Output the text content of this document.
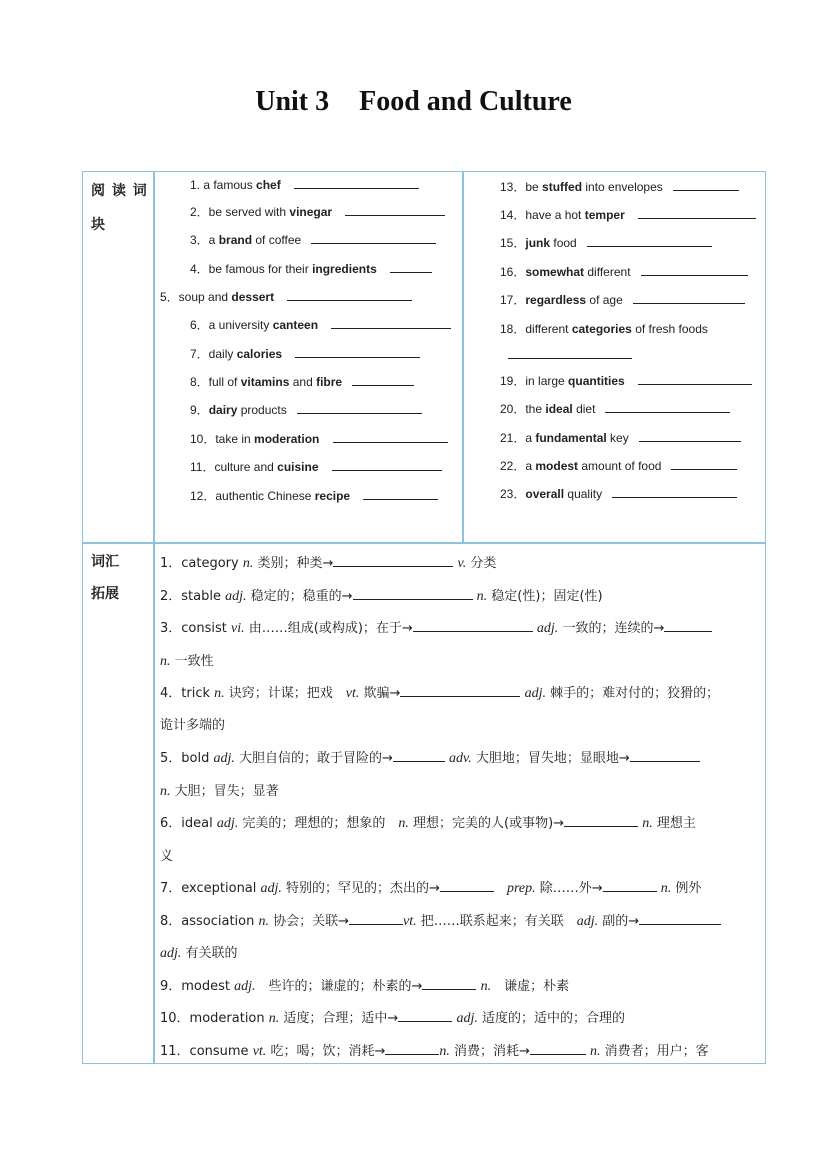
Unit 3 Food and Culture
阅 读 词
块
词汇
拓展
1. a famous chef
2．be served with vinegar
3．a brand of coffee
4．be famous for their ingredients
5．soup and dessert
6．a university canteen
7．daily calories
8．full of vitamins and fibre
9．dairy products
10．take in moderation
11．culture and cuisine
12．authentic Chinese recipe
13．be stuffed into envelopes
14．have a hot temper
15．junk food
16．somewhat different
17．regardless of age
18．different categories of fresh foods
19．in large quantities
20．the ideal diet
21．a fundamental key
22．a modest amount of food
23．overall quality
1．category n. 类别；种类→	v. 分类
2．stable adj. 稳定的；稳重的→	n. 稳定(性)；固定(性)
3．consist vi. 由……组成(或构成)；在于→	adj. 一致的；连续的→
n. 一致性
4．trick n. 诀窍；计谋；把戏　vt. 欺骗→	adj. 棘手的；难对付的；狡猾的；
诡计多端的
5．bold adj. 大胆自信的；敢于冒险的→	adv. 大胆地；冒失地；显眼地→
n. 大胆；冒失；显著
6．ideal adj. 完美的；理想的；想象的　n. 理想；完美的人(或事物)→	n. 理想主
义
7．exceptional adj. 特别的；罕见的；杰出的→　	prep. 除……外→	n. 例外
8．association n. 协会；关联→	vt. 把……联系起来；有关联　adj. 副的→
adj. 有关联的
9．modest adj.　些许的；谦虚的；朴素的→	n.　谦虚；朴素
10．moderation n. 适度；合理；适中→	adj. 适度的；适中的；合理的
11．consume vt. 吃；喝；饮；消耗→	n. 消费；消耗→	n. 消费者；用户；客
